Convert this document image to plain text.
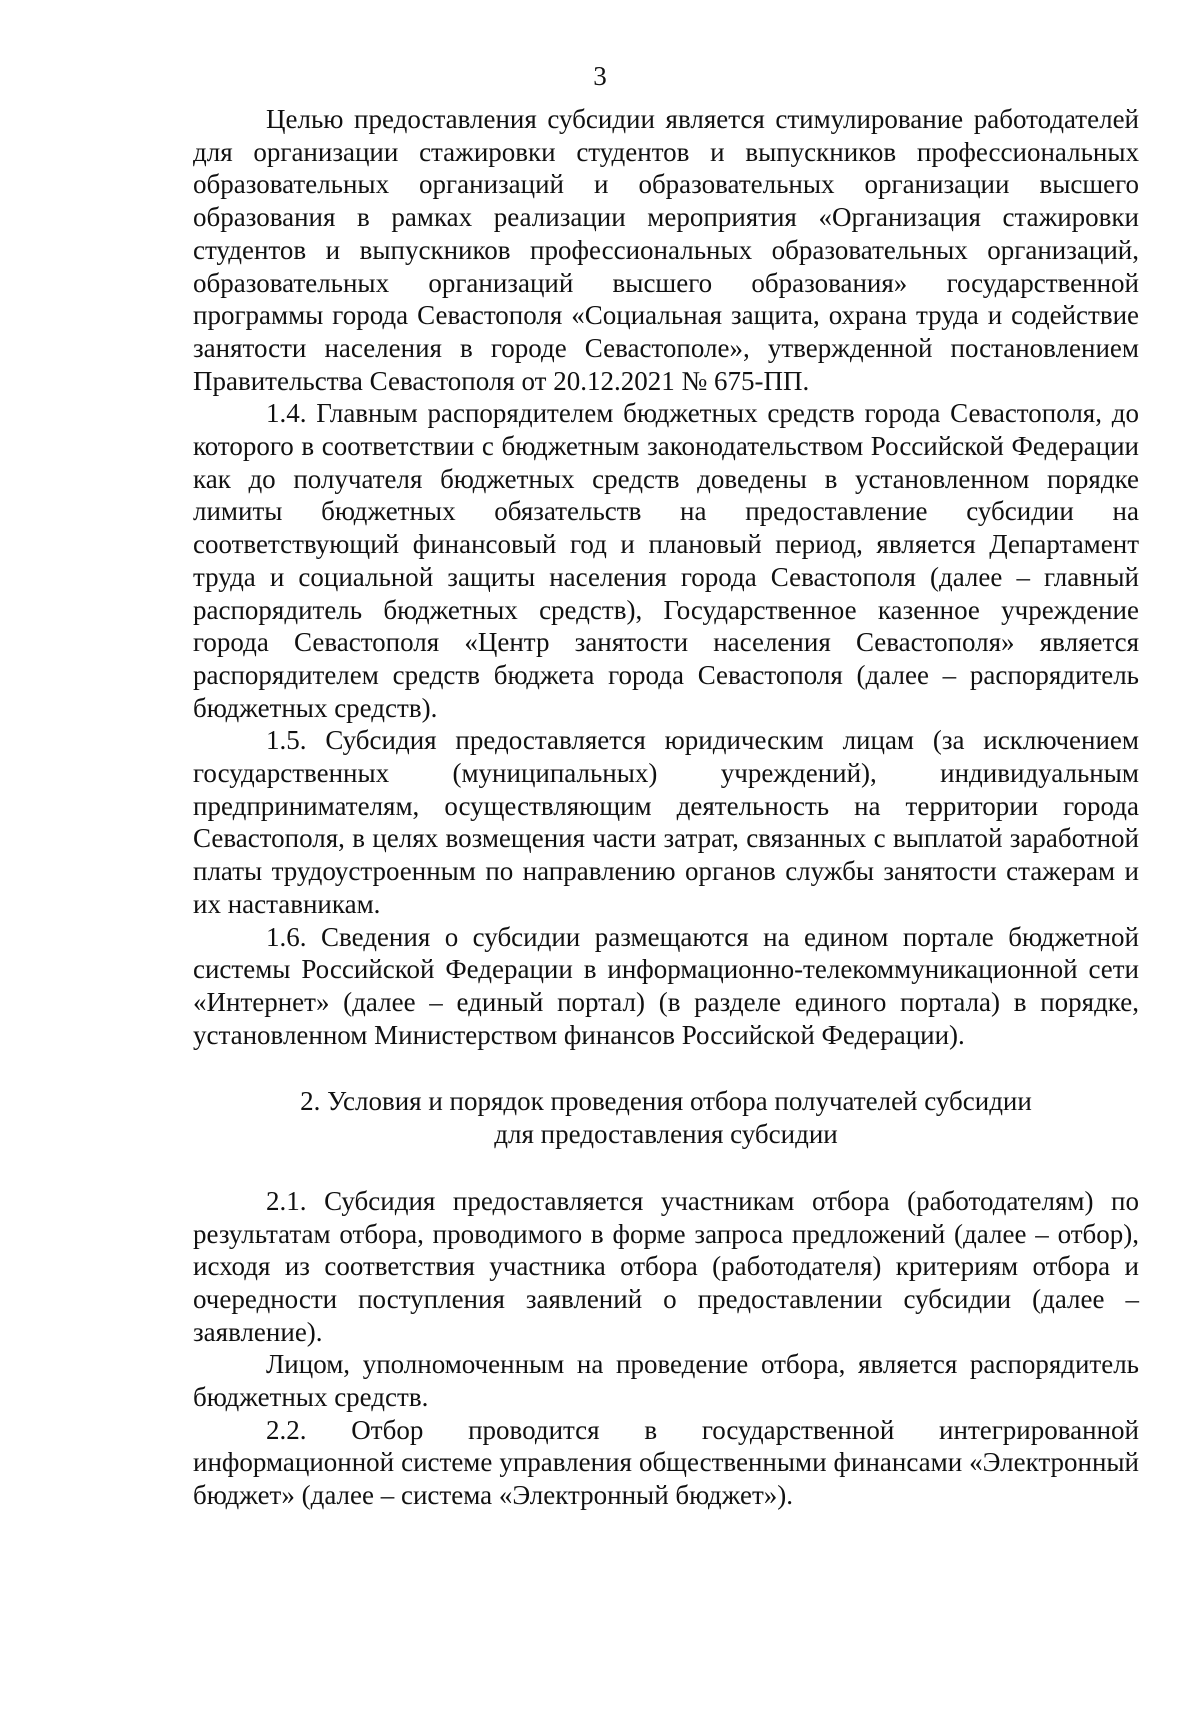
3

Целью предоставления субсидии является стимулирование работодателей для организации стажировки студентов и выпускников профессиональных образовательных организаций и образовательных организации высшего образования в рамках реализации мероприятия «Организация стажировки студентов и выпускников профессиональных образовательных организаций, образовательных организаций высшего образования» государственной программы города Севастополя «Социальная защита, охрана труда и содействие занятости населения в городе Севастополе», утвержденной постановлением Правительства Севастополя от 20.12.2021 № 675-ПП.

1.4. Главным распорядителем бюджетных средств города Севастополя, до которого в соответствии с бюджетным законодательством Российской Федерации как до получателя бюджетных средств доведены в установленном порядке лимиты бюджетных обязательств на предоставление субсидии на соответствующий финансовый год и плановый период, является Департамент труда и социальной защиты населения города Севастополя (далее – главный распорядитель бюджетных средств), Государственное казенное учреждение города Севастополя «Центр занятости населения Севастополя» является распорядителем средств бюджета города Севастополя (далее – распорядитель бюджетных средств).

1.5. Субсидия предоставляется юридическим лицам (за исключением государственных (муниципальных) учреждений), индивидуальным предпринимателям, осуществляющим деятельность на территории города Севастополя, в целях возмещения части затрат, связанных с выплатой заработной платы трудоустроенным по направлению органов службы занятости стажерам и их наставникам.

1.6. Сведения о субсидии размещаются на едином портале бюджетной системы Российской Федерации в информационно-телекоммуникационной сети «Интернет» (далее – единый портал) (в разделе единого портала) в порядке, установленном Министерством финансов Российской Федерации).

2. Условия и порядок проведения отбора получателей субсидии
для предоставления субсидии

2.1. Субсидия предоставляется участникам отбора (работодателям) по результатам отбора, проводимого в форме запроса предложений (далее – отбор), исходя из соответствия участника отбора (работодателя) критериям отбора и очередности поступления заявлений о предоставлении субсидии (далее – заявление).

Лицом, уполномоченным на проведение отбора, является распорядитель бюджетных средств.

2.2. Отбор проводится в государственной интегрированной информационной системе управления общественными финансами «Электронный бюджет» (далее – система «Электронный бюджет»).
